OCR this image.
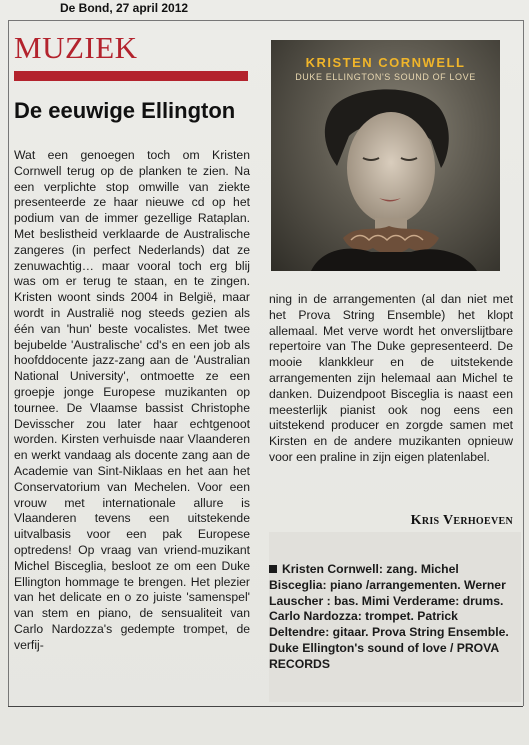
De Bond, 27 april 2012
MUZIEK
De eeuwige Ellington
Wat een genoegen toch om Kristen Cornwell terug op de planken te zien. Na een verplichte stop omwille van ziekte presenteerde ze haar nieuwe cd op het podium van de immer gezellige Rataplan. Met beslistheid verklaarde de Australische zangeres (in perfect Nederlands) dat ze zenuwachtig… maar vooral toch erg blij was om er terug te staan, en te zingen. Kristen woont sinds 2004 in België, maar wordt in Australië nog steeds gezien als één van 'hun' beste vocalistes. Met twee bejubelde 'Australische' cd's en een job als hoofddocente jazz-zang aan de 'Australian National University', ontmoette ze een groepje jonge Europese muzikanten op tournee. De Vlaamse bassist Christophe Devisscher zou later haar echtgenoot worden. Kirsten verhuisde naar Vlaanderen en werkt vandaag als docente zang aan de Academie van Sint-Niklaas en het aan het Conservatorium van Mechelen. Voor een vrouw met internationale allure is Vlaanderen tevens een uitstekende uitvalbasis voor een pak Europese optredens! Op vraag van vriend-muzikant Michel Bisceglia, besloot ze om een Duke Ellington hommage te brengen. Het plezier van het delicate en o zo juiste 'samenspel' van stem en piano, de sensualiteit van Carlo Nardozza's gedempte trompet, de verfij-
KRISTEN CORNWELL
DUKE ELLINGTON'S SOUND OF LOVE
ning in de arrangementen (al dan niet met het Prova String Ensemble) het klopt allemaal. Met verve wordt het onverslijtbare repertoire van The Duke gepresenteerd. De mooie klankkleur en de uitstekende arrangementen zijn helemaal aan Michel te danken. Duizendpoot Bisceglia is naast een meesterlijk pianist ook nog eens een uitstekend producer en zorgde samen met Kirsten en de andere muzikanten opnieuw voor een praline in zijn eigen platenlabel.
Kris Verhoeven
Kristen Cornwell: zang. Michel Bisceglia: piano /arrangementen. Werner Lauscher : bas. Mimi Verderame: drums. Carlo Nardozza: trompet. Patrick Deltendre: gitaar. Prova String Ensemble. Duke Ellington's sound of love / PROVA RECORDS
